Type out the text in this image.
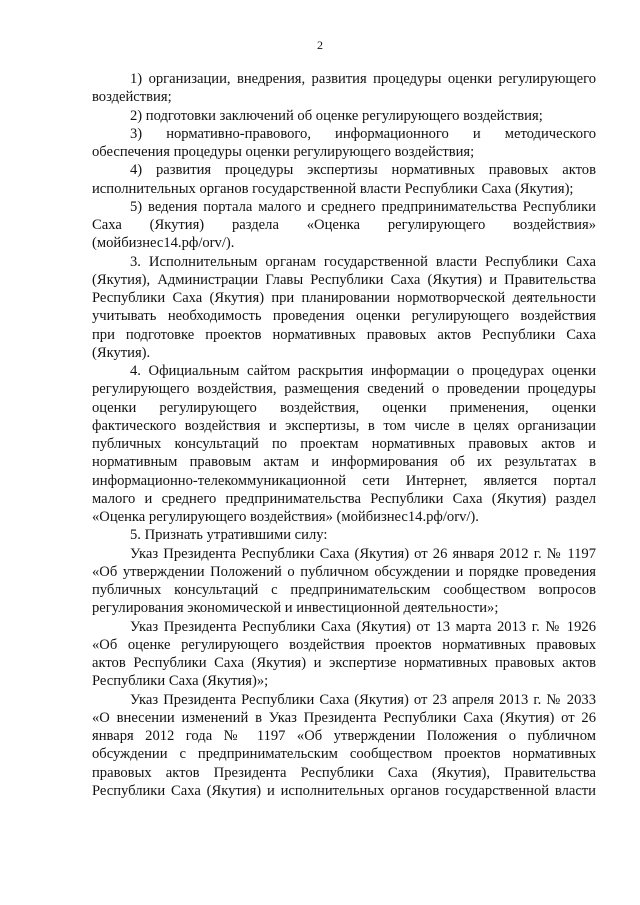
2
1) организации, внедрения, развития процедуры оценки регулирующего
воздействия;
2) подготовки заключений об оценке регулирующего воздействия;
3) нормативно-правового, информационного и методического
обеспечения процедуры оценки регулирующего воздействия;
4) развития процедуры экспертизы нормативных правовых актов
исполнительных органов государственной власти Республики Саха (Якутия);
5) ведения портала малого и среднего предпринимательства Республики
Саха (Якутия) раздела «Оценка регулирующего воздействия»
(мойбизнес14.рф/orv/).
3. Исполнительным органам государственной власти Республики Саха
(Якутия), Администрации Главы Республики Саха (Якутия) и Правительства
Республики Саха (Якутия) при планировании нормотворческой деятельности
учитывать необходимость проведения оценки регулирующего воздействия
при подготовке проектов нормативных правовых актов Республики Саха
(Якутия).
4. Официальным сайтом раскрытия информации о процедурах оценки
регулирующего воздействия, размещения сведений о проведении процедуры
оценки регулирующего воздействия, оценки применения, оценки
фактического воздействия и экспертизы, в том числе в целях организации
публичных консультаций по проектам нормативных правовых актов и
нормативным правовым актам и информирования об их результатах в
информационно-телекоммуникационной сети Интернет, является портал
малого и среднего предпринимательства Республики Саха (Якутия) раздел
«Оценка регулирующего воздействия» (мойбизнес14.рф/orv/).
5. Признать утратившими силу:
Указ Президента Республики Саха (Якутия) от 26 января 2012 г. № 1197
«Об утверждении Положений о публичном обсуждении и порядке проведения
публичных консультаций с предпринимательским сообществом вопросов
регулирования экономической и инвестиционной деятельности»;
Указ Президента Республики Саха (Якутия) от 13 марта 2013 г. № 1926
«Об оценке регулирующего воздействия проектов нормативных правовых
актов Республики Саха (Якутия) и экспертизе нормативных правовых актов
Республики Саха (Якутия)»;
Указ Президента Республики Саха (Якутия) от 23 апреля 2013 г. № 2033
«О внесении изменений в Указ Президента Республики Саха (Якутия) от 26
января 2012 года № 1197 «Об утверждении Положения о публичном
обсуждении с предпринимательским сообществом проектов нормативных
правовых актов Президента Республики Саха (Якутия), Правительства
Республики Саха (Якутия) и исполнительных органов государственной власти
